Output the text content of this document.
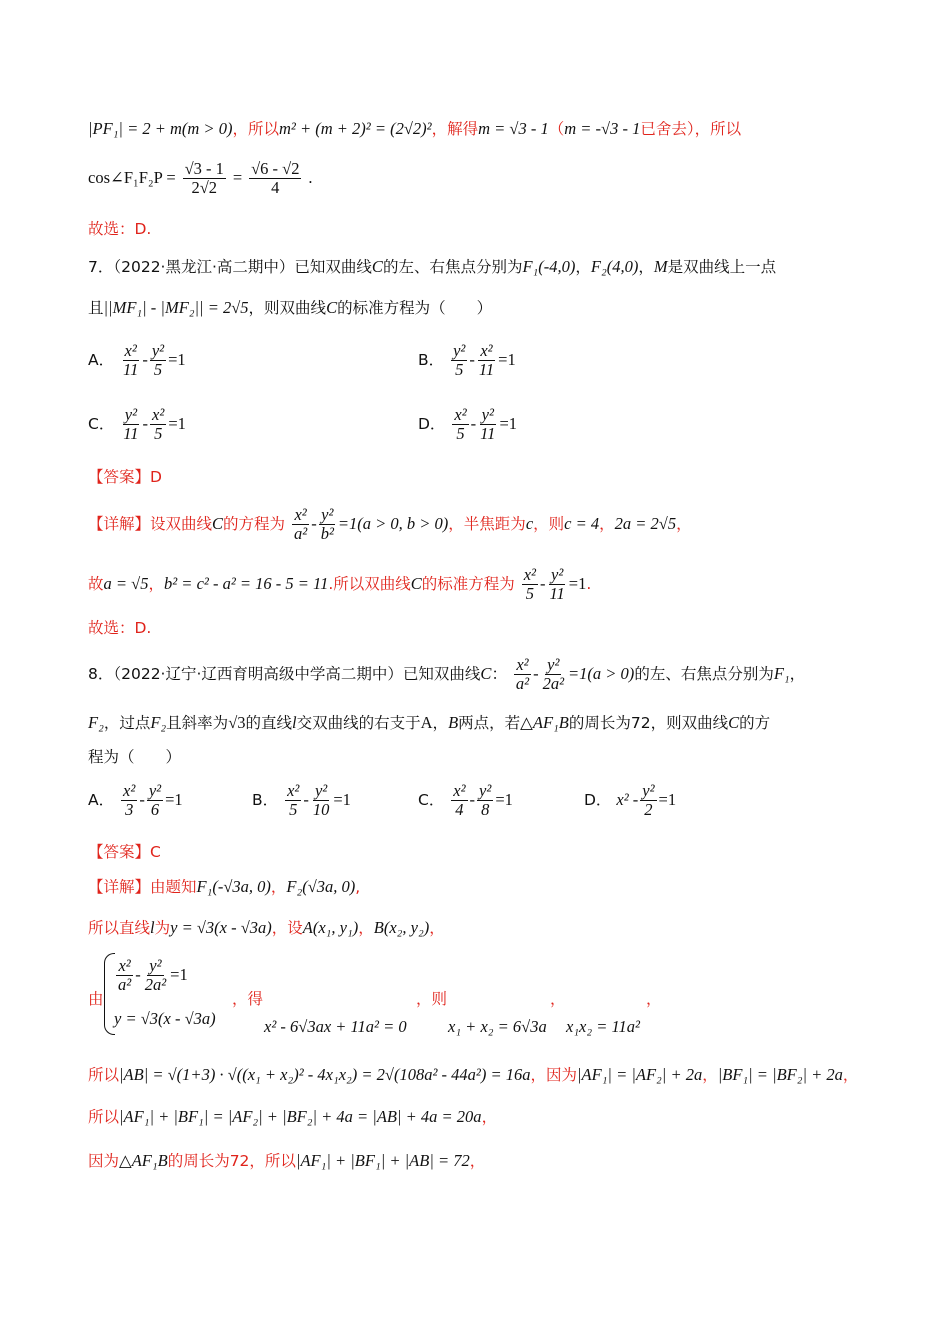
|PF₁| = 2 + m(m > 0)，所以m² + (m + 2)² = (2√2)²，解得m = √3 - 1（m = -√3 - 1已舍去），所以
cos∠F₁F₂P = $\frac{√3 - 1}{2√2} = \frac{√6 - √2}{4}$ .
故选：D.
7．（2022·黑龙江·高二期中）已知双曲线C的左、右焦点分别为F₁(-4,0)，F₂(4,0)，M是双曲线上一点
且||MF₁| - |MF₂|| = 2√5，则双曲线C的标准方程为（　　）
A． $\frac{\text{x²}}{11} - \frac{\text{y²}}{5} =1$	B． $\frac{\text{y²}}{5} - \frac{\text{x²}}{11} =1$
C． $\frac{\text{y²}}{11} - \frac{\text{x²}}{5} =1$	D． $\frac{\text{x²}}{5} - \frac{\text{y²}}{11} =1$
【答案】D
【详解】设双曲线C的方程为 $\frac{\text{x²}}{\text{a²}} - \frac{\text{y²}}{\text{b²}} =1(a > 0$, b > 0)，半焦距为c，则c = 4，2a = 2√5，
故a = √5，b² = c² - a² = 16 - 5 = 11.所以双曲线C的标准方程为 $\frac{\text{x²}}{5} - \frac{\text{y²}}{11} =1$.
故选：D.
8．（2022·辽宁·辽西育明高级中学高二期中）已知双曲线C： $\frac{\text{x²}}{\text{a²}} - \frac{\text{y²}}{\text{2a²}} =1(a > 0)$的左、右焦点分别为F₁，
F₂，过点F₂且斜率为√3的直线l交双曲线的右支于A，B两点，若△AF₁B的周长为72，则双曲线C的方
程为（　　）
A． $\frac{\text{x²}}{3} - \frac{\text{y²}}{6} =1$	B． $\frac{\text{x²}}{5} - \frac{\text{y²}}{10} =1$	C． $\frac{\text{x²}}{4} - \frac{\text{y²}}{8} =1$	D． $x^2 - \frac{\text{y²}}{2} =1$
【答案】C
【详解】由题知F₁(-√3a, 0)，F₂(√3a, 0),
所以直线l为y = √3(x - √3a)，设A(x₁, y₁)，B(x₂, y₂)，
由
$\frac{\text{x²}}{\text{a²}} - \frac{\text{y²}}{\text{2a²}} =1$
y = √3(x - √3a)
，得
x² - 6√3ax + 11a² = 0
，则
x₁ + x₂ = 6√3a
，
x₁x₂ = 11a²
，
所以|AB| = √(1+3) · √((x₁ + x₂)² - 4x₁x₂) = 2√(108a² - 44a²) = 16a，因为|AF₁| = |AF₂| + 2a，|BF₁| = |BF₂| + 2a，
所以|AF₁| + |BF₁| = |AF₂| + |BF₂| + 4a = |AB| + 4a = 20a，
因为△AF₁B的周长为72，所以|AF₁| + |BF₁| + |AB| = 72，
